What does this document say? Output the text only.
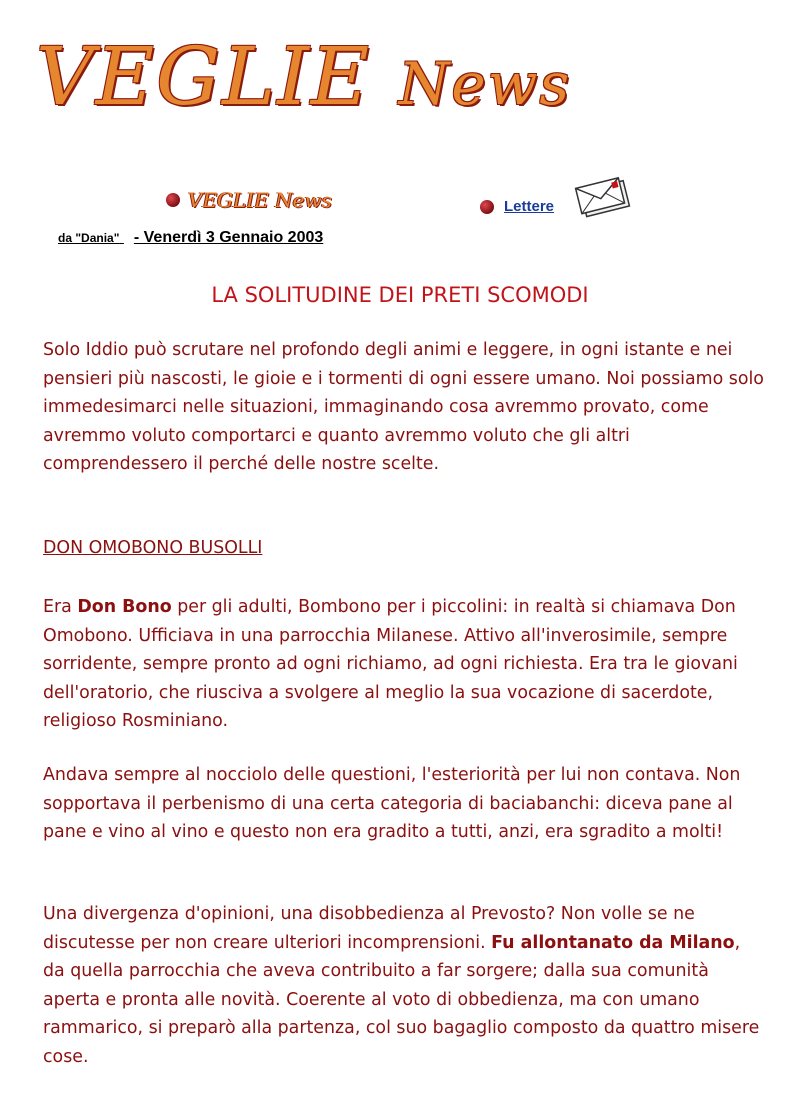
VEGLIE News
VEGLIE News	Lettere
da "Dania" - Venerdì 3 Gennaio 2003
LA SOLITUDINE DEI PRETI SCOMODI

Solo Iddio può scrutare nel profondo degli animi e leggere, in ogni istante e nei pensieri più nascosti, le gioie e i tormenti di ogni essere umano. Noi possiamo solo immedesimarci nelle situazioni, immaginando cosa avremmo provato, come avremmo voluto comportarci e quanto avremmo voluto che gli altri comprendessero il perché delle nostre scelte.

DON OMOBONO BUSOLLI

Era Don Bono per gli adulti, Bombono per i piccolini: in realtà si chiamava Don Omobono. Ufficiava in una parrocchia Milanese. Attivo all'inverosimile, sempre sorridente, sempre pronto ad ogni richiamo, ad ogni richiesta. Era tra le giovani dell'oratorio, che riusciva a svolgere al meglio la sua vocazione di sacerdote, religioso Rosminiano.

Andava sempre al nocciolo delle questioni, l'esteriorità per lui non contava. Non sopportava il perbenismo di una certa categoria di baciabanchi: diceva pane al pane e vino al vino e questo non era gradito a tutti, anzi, era sgradito a molti!

Una divergenza d'opinioni, una disobbedienza al Prevosto? Non volle se ne discutesse per non creare ulteriori incomprensioni. Fu allontanato da Milano, da quella parrocchia che aveva contribuito a far sorgere; dalla sua comunità aperta e pronta alle novità. Coerente al voto di obbedienza, ma con umano rammarico, si preparò alla partenza, col suo bagaglio composto da quattro misere cose.
